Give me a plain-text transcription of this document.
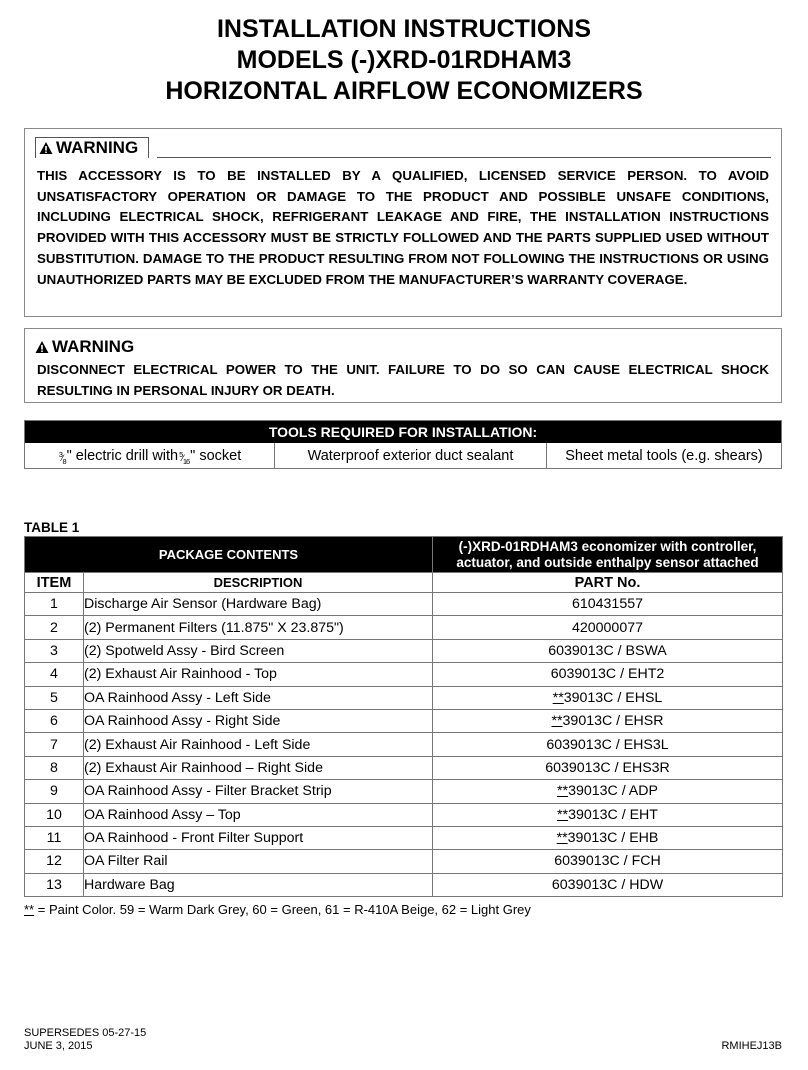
INSTALLATION INSTRUCTIONS
MODELS (-)XRD-01RDHAM3
HORIZONTAL AIRFLOW ECONOMIZERS
WARNING
THIS ACCESSORY IS TO BE INSTALLED BY A QUALIFIED, LICENSED SERVICE PERSON. TO AVOID UNSATISFACTORY OPERATION OR DAMAGE TO THE PRODUCT AND POSSIBLE UNSAFE CONDITIONS, INCLUDING ELECTRICAL SHOCK, REFRIGERANT LEAKAGE AND FIRE, THE INSTALLATION INSTRUCTIONS PROVIDED WITH THIS ACCESSORY MUST BE STRICTLY FOLLOWED AND THE PARTS SUPPLIED USED WITHOUT SUBSTITUTION. DAMAGE TO THE PRODUCT RESULTING FROM NOT FOLLOWING THE INSTRUCTIONS OR USING UNAUTHORIZED PARTS MAY BE EXCLUDED FROM THE MANUFACTURER’S WARRANTY COVERAGE.
WARNING
DISCONNECT ELECTRICAL POWER TO THE UNIT. FAILURE TO DO SO CAN CAUSE ELECTRICAL SHOCK RESULTING IN PERSONAL INJURY OR DEATH.
TOOLS REQUIRED FOR INSTALLATION:
$^3⁄_8$ " electric drill with $^5⁄_{16}$ " socket	Waterproof exterior duct sealant	Sheet metal tools (e.g. shears)
TABLE 1
PACKAGE CONTENTS		(-)XRD-01RDHAM3 economizer with controller,
actuator, and outside enthalpy sensor attached

ITEM	DESCRIPTION	PART No.
1	Discharge Air Sensor (Hardware Bag)	610431557
2	(2) Permanent Filters (11.875" X 23.875")	420000077
3	(2) Spotweld Assy - Bird Screen	6039013C / BSWA
4	(2) Exhaust Air Rainhood - Top	6039013C / EHT2
5	OA Rainhood Assy - Left Side	**39013C / EHSL
6	OA Rainhood Assy - Right Side	**39013C / EHSR
7	(2) Exhaust Air Rainhood - Left Side	6039013C / EHS3L
8	(2) Exhaust Air Rainhood – Right Side	6039013C / EHS3R
9	OA Rainhood Assy - Filter Bracket Strip	**39013C / ADP
10	OA Rainhood Assy – Top	**39013C / EHT
11	OA Rainhood - Front Filter Support	**39013C / EHB
12	OA Filter Rail	6039013C / FCH
13	Hardware Bag	6039013C / HDW
** = Paint Color. 59 = Warm Dark Grey, 60 = Green, 61 = R-410A Beige, 62 = Light Grey
SUPERSEDES 05-27-15
JUNE 3, 2015	RMIHEJ13B
